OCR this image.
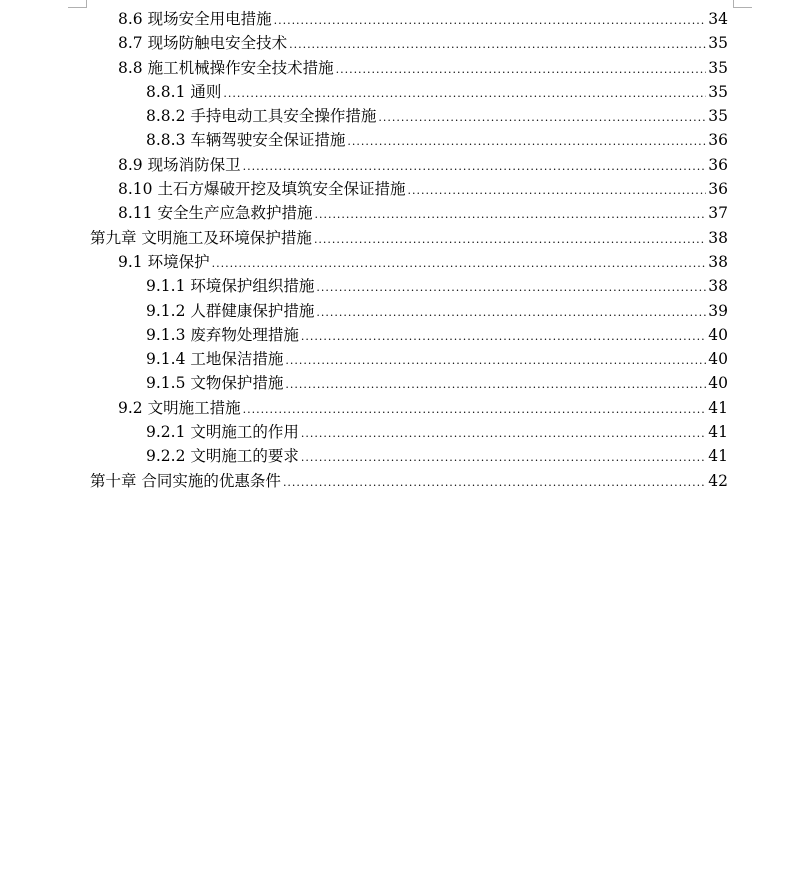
8.6 现场安全用电措施 .....	34
8.7 现场防触电安全技术 .....	35
8.8 施工机械操作安全技术措施 .....	35
8.8.1 通则 .....	35
8.8.2 手持电动工具安全操作措施 .....	35
8.8.3 车辆驾驶安全保证措施 .....	36
8.9 现场消防保卫 .....	36
8.10 土石方爆破开挖及填筑安全保证措施 .....	36
8.11 安全生产应急救护措施 .....	37
第九章 文明施工及环境保护措施 .....	38
9.1 环境保护 .....	38
9.1.1 环境保护组织措施 .....	38
9.1.2 人群健康保护措施 .....	39
9.1.3 废弃物处理措施 .....	40
9.1.4 工地保洁措施 .....	40
9.1.5 文物保护措施 .....	40
9.2 文明施工措施 .....	41
9.2.1 文明施工的作用 .....	41
9.2.2 文明施工的要求 .....	41
第十章 合同实施的优惠条件 .....	42
